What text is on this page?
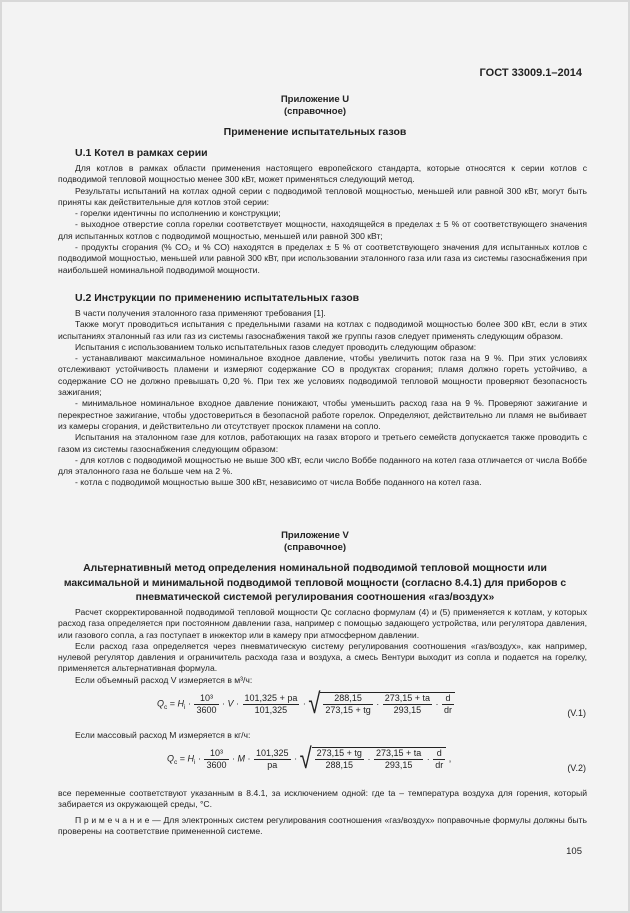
ГОСТ 33009.1–2014
Приложение U
(справочное)
Применение испытательных газов
U.1 Котел в рамках серии

Для котлов в рамках области применения настоящего европейского стандарта, которые относятся к серии котлов с подводимой тепловой мощностью менее 300 кВт, может применяться следующий метод.

Результаты испытаний на котлах одной серии с подводимой тепловой мощностью, меньшей или равной 300 кВт, могут быть приняты как действительные для котлов этой серии:

- горелки идентичны по исполнению и конструкции;

- выходное отверстие сопла горелки соответствует мощности, находящейся в пределах ± 5 % от соответствующего значения для испытанных котлов с подводимой мощностью, меньшей или равной 300 кВт;

- продукты сгорания (% CO₂ и % CO) находятся в пределах ± 5 % от соответствующего значения для испытанных котлов с подводимой мощностью, меньшей или равной 300 кВт, при использовании эталонного газа или газа из системы газоснабжения при наибольшей номинальной подводимой мощности.

U.2 Инструкции по применению испытательных газов

В части получения эталонного газа применяют требования [1].

Также могут проводиться испытания с предельными газами на котлах с подводимой мощностью более 300 кВт, если в этих испытаниях эталонный газ или газ из системы газоснабжения такой же группы газов следует применять следующим образом.

Испытания с использованием только испытательных газов следует проводить следующим образом:

- устанавливают максимальное номинальное входное давление, чтобы увеличить поток газа на 9 %. При этих условиях отслеживают устойчивость пламени и измеряют содержание CO в продуктах сгорания; пламя должно гореть устойчиво, а содержание CO не должно превышать 0,20 %. При тех же условиях подводимой тепловой мощности проверяют безопасность зажигания;

- минимальное номинальное входное давление понижают, чтобы уменьшить расход газа на 9 %. Проверяют зажигание и перекрестное зажигание, чтобы удостовериться в безопасной работе горелок. Определяют, действительно ли пламя не выбивает из камеры сгорания, и действительно ли отсутствует проскок пламени на сопло.

Испытания на эталонном газе для котлов, работающих на газах второго и третьего семейств допускается также проводить с газом из системы газоснабжения следующим образом:

- для котлов с подводимой мощностью не выше 300 кВт, если число Воббе поданного на котел газа отличается от числа Воббе для эталонного газа не больше чем на 2 %.

- котла с подводимой мощностью выше 300 кВт, независимо от числа Воббе поданного на котел газа.

Приложение V
(справочное)
Альтернативный метод определения номинальной подводимой тепловой мощности или максимальной и минимальной подводимой тепловой мощности (согласно 8.4.1) для приборов с пневматической системой регулирования соотношения «газ/воздух»

Расчет скорректированной подводимой тепловой мощности Qc согласно формулам (4) и (5) применяется к котлам, у которых расход газа определяется при постоянном давлении газа, например с помощью задающего устройства, или регулятора давления, или газового сопла, а газ поступает в инжектор или в камеру при атмосферном давлении.

Если расход газа определяется через пневматическую систему регулирования соотношения «газ/воздух», как например, нулевой регулятор давления и ограничитель расхода газа и воздуха, а смесь Вентури выходит из сопла и подается на горелку, применяется альтернативная формула.

Если объемный расход V измеряется в м³/ч:

$Q_c = H_i \cdot \frac{\text{10³}}{3600} \cdot V \cdot \frac{101,325 + pa}{101,325}$ · √ $\frac{288,15}{273,15 + tg} \cdot \frac{273,15 + ta}{293,15} \cdot \frac{d}{dr}$	(V.1)

Если массовый расход M измеряется в кг/ч:

$Q_c = H_i \cdot \frac{\text{10³}}{3600} \cdot M \cdot \frac{101,325}{pa}$ · √ $\frac{273,15 + tg}{288,15} \cdot \frac{273,15 + ta}{293,15} \cdot \frac{d}{dr}$ ,
(V.2)

все переменные соответствуют указанным в 8.4.1, за исключением одной: где ta – температура воздуха для горения, который забирается из окружающей среды, °C.

П р и м е ч а н и е — Для электронных систем регулирования соотношения «газ/воздух» поправочные формулы должны быть проверены на соответствие примененной системе.

105
